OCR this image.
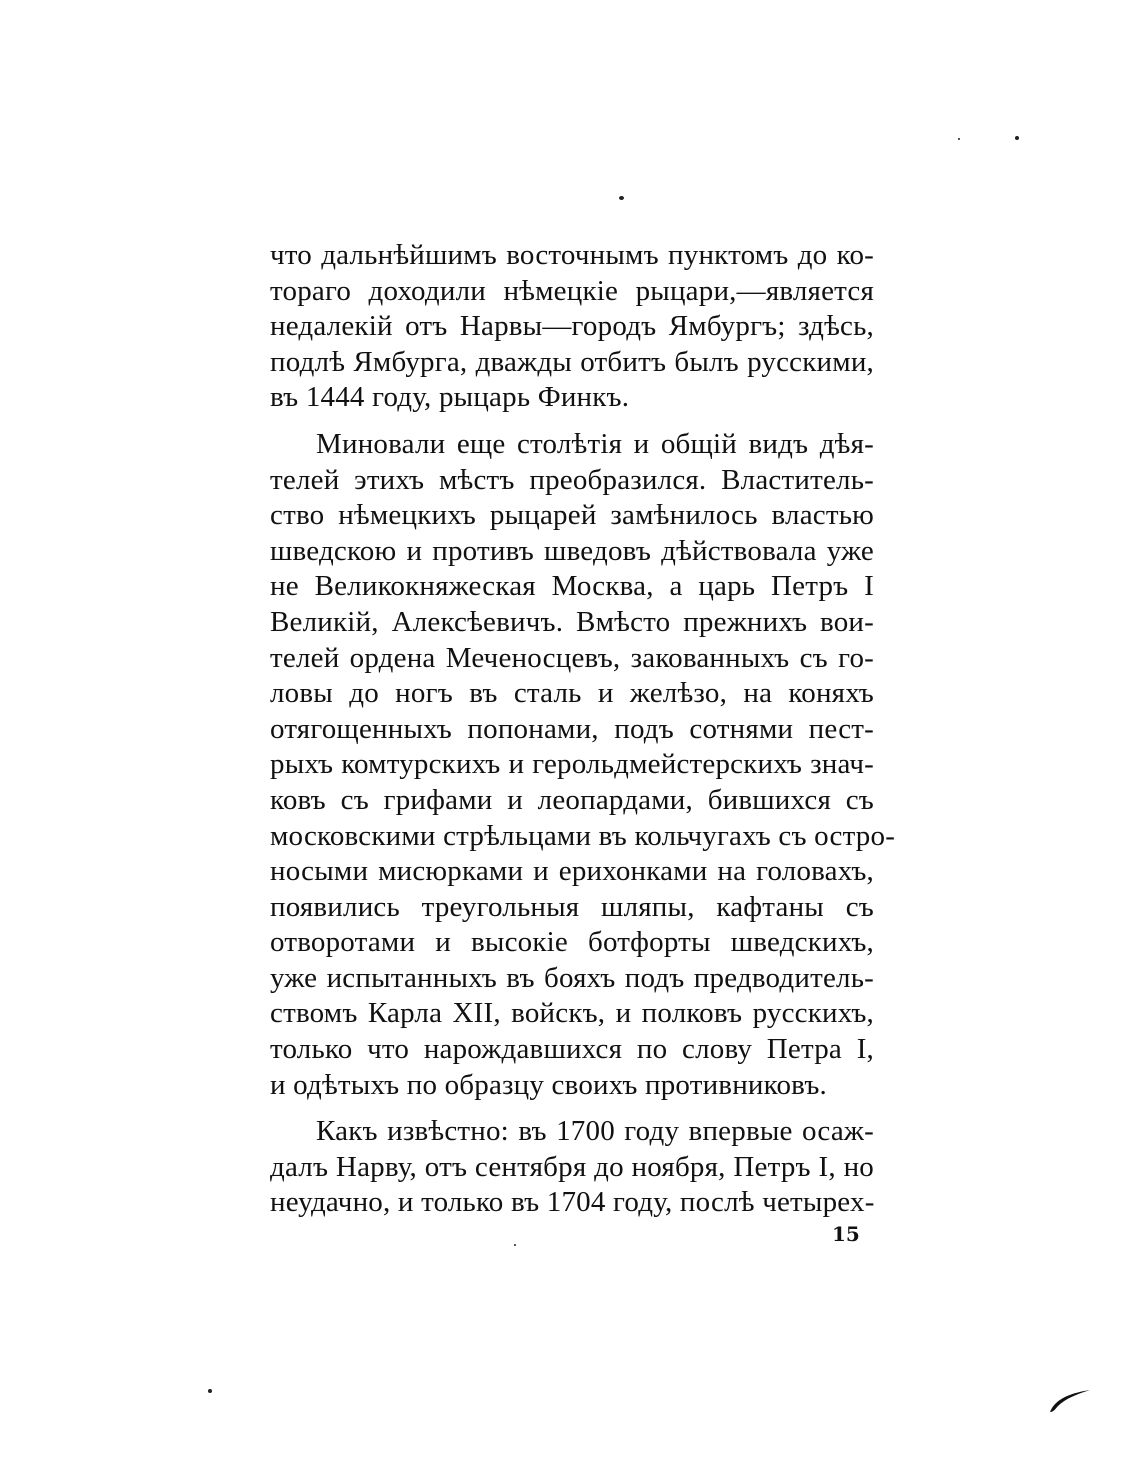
что дальнѣйшимъ восточнымъ пунктомъ до ко-
тораго доходили нѣмецкіе рыцари,—является
недалекій отъ Нарвы—городъ Ямбургъ; здѣсь,
подлѣ Ямбурга, дважды отбитъ былъ русскими,
въ 1444 году, рыцарь Финкъ.
Миновали еще столѣтія и общій видъ дѣя-
телей этихъ мѣстъ преобразился. Властитель-
ство нѣмецкихъ рыцарей замѣнилось властью
шведскою и противъ шведовъ дѣйствовала уже
не Великокняжеская Москва, а царь Петръ I
Великій, Алексѣевичъ. Вмѣсто прежнихъ вои-
телей ордена Меченосцевъ, закованныхъ съ го-
ловы до ногъ въ сталь и желѣзо, на коняхъ
отягощенныхъ попонами, подъ сотнями пест-
рыхъ комтурскихъ и герольдмейстерскихъ знач-
ковъ съ грифами и леопардами, бившихся съ
московскими стрѣльцами въ кольчугахъ съ остро-
носыми мисюрками и ерихонками на головахъ,
появились треугольныя шляпы, кафтаны съ
отворотами и высокіе ботфорты шведскихъ,
уже испытанныхъ въ бояхъ подъ предводитель-
ствомъ Карла XII, войскъ, и полковъ русскихъ,
только что нарождавшихся по слову Петра I,
и одѣтыхъ по образцу своихъ противниковъ.
Какъ извѣстно: въ 1700 году впервые осаж-
далъ Нарву, отъ сентября до ноября, Петръ I, но
неудачно, и только въ 1704 году, послѣ четырех-
15
